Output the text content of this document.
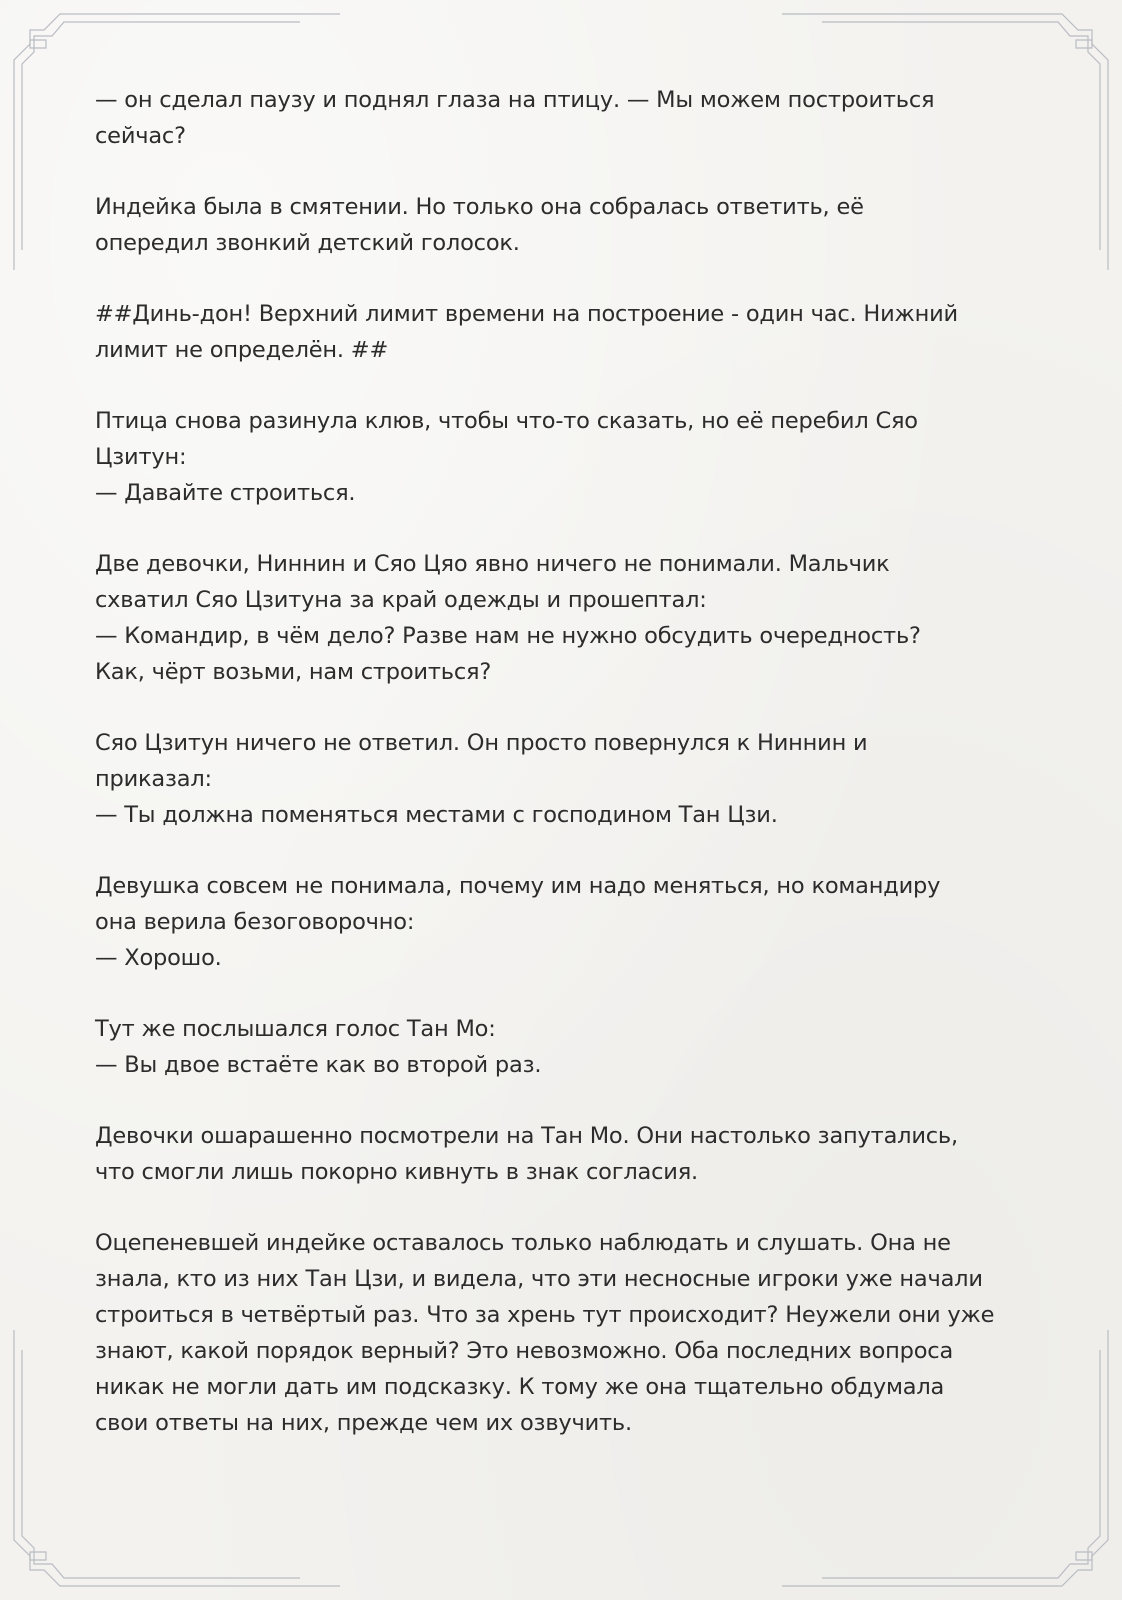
— он сделал паузу и поднял глаза на птицу. — Мы можем построиться
сейчас?

Индейка была в смятении. Но только она собралась ответить, её
опередил звонкий детский голосок.

##Динь-дон! Верхний лимит времени на построение - один час. Нижний
лимит не определён. ##

Птица снова разинула клюв, чтобы что-то сказать, но её перебил Сяо
Цзитун:
— Давайте строиться.

Две девочки, Ниннин и Сяо Цяо явно ничего не понимали. Мальчик
схватил Сяо Цзитуна за край одежды и прошептал:
— Командир, в чём дело? Разве нам не нужно обсудить очередность?
Как, чёрт возьми, нам строиться?

Сяо Цзитун ничего не ответил. Он просто повернулся к Ниннин и
приказал:
— Ты должна поменяться местами с господином Тан Цзи.

Девушка совсем не понимала, почему им надо меняться, но командиру
она верила безоговорочно:
— Хорошо.

Тут же послышался голос Тан Мо:
— Вы двое встаёте как во второй раз.

Девочки ошарашенно посмотрели на Тан Мо. Они настолько запутались,
что смогли лишь покорно кивнуть в знак согласия.

Оцепеневшей индейке оставалось только наблюдать и слушать. Она не
знала, кто из них Тан Цзи, и видела, что эти несносные игроки уже начали
строиться в четвёртый раз. Что за хрень тут происходит? Неужели они уже
знают, какой порядок верный? Это невозможно. Оба последних вопроса
никак не могли дать им подсказку. К тому же она тщательно обдумала
свои ответы на них, прежде чем их озвучить.
